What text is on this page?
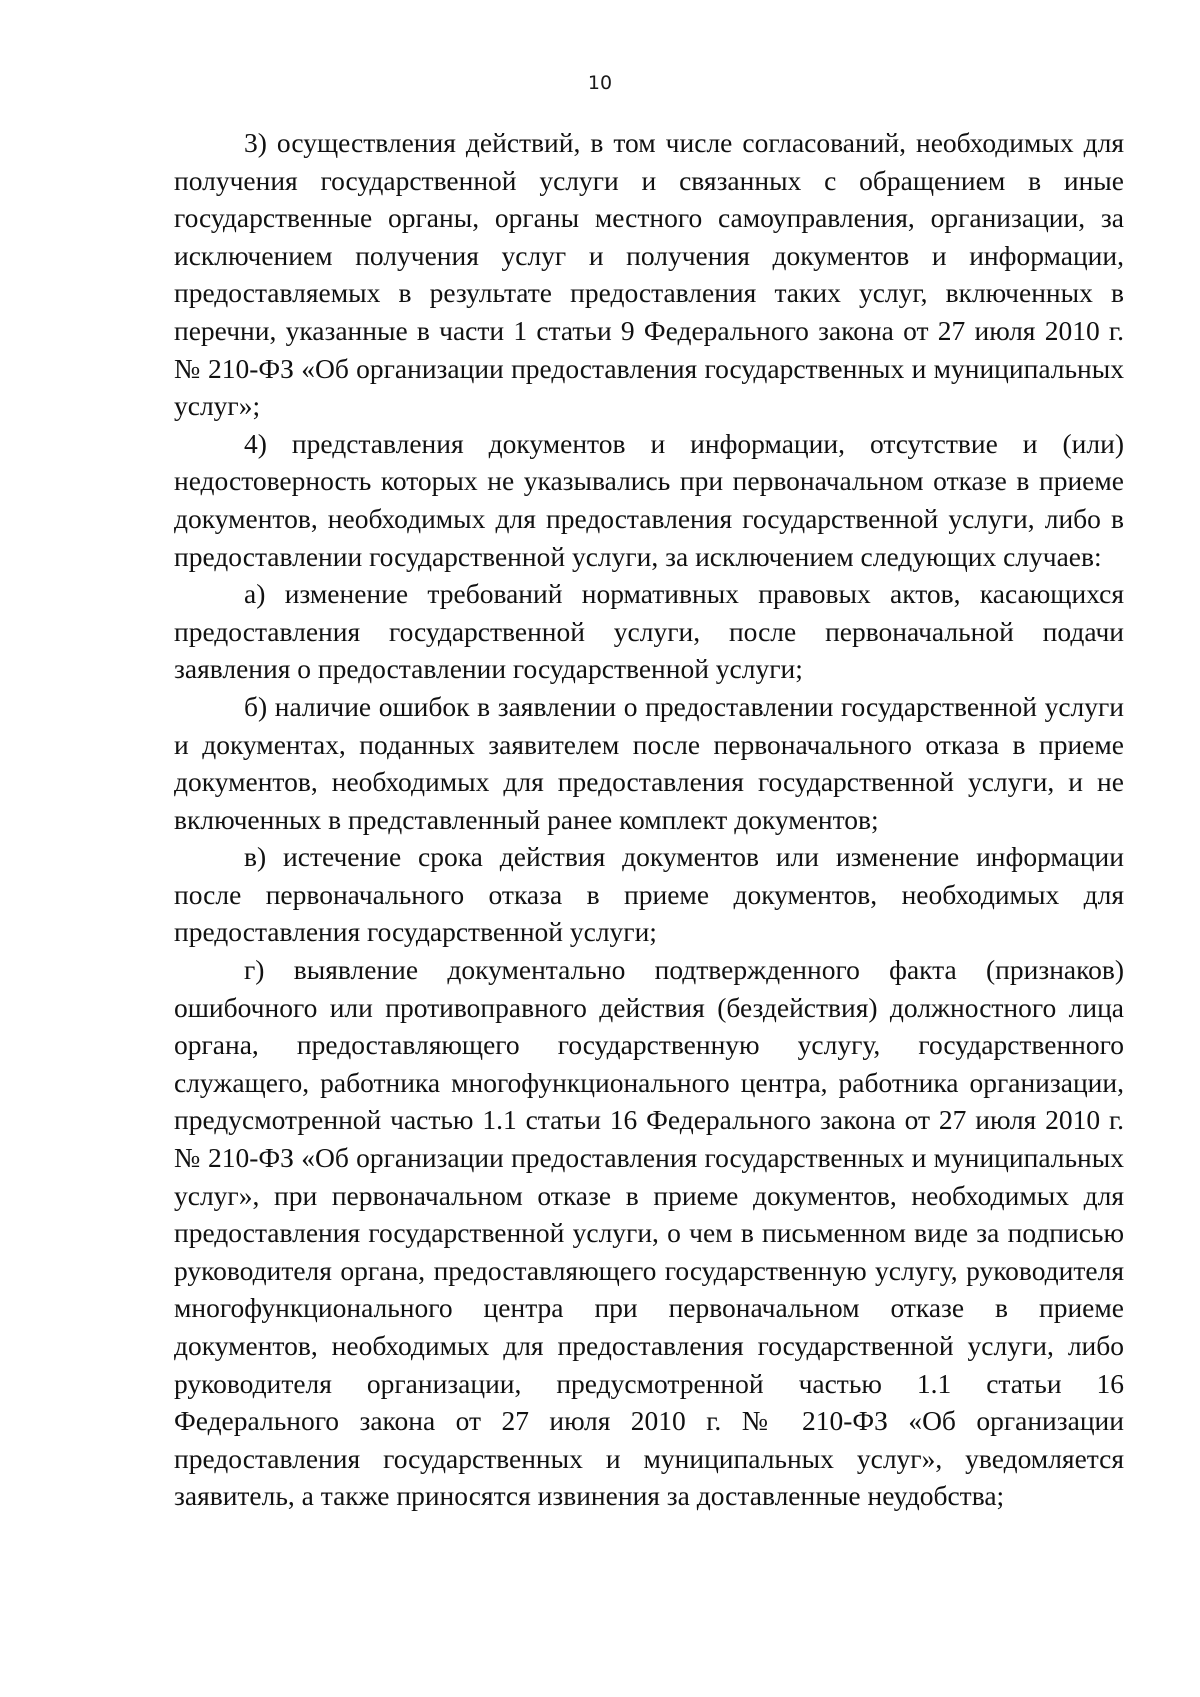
10

3) осуществления действий, в том числе согласований, необходимых для получения государственной услуги и связанных с обращением в иные государственные органы, органы местного самоуправления, организации, за исключением получения услуг и получения документов и информации, предоставляемых в результате предоставления таких услуг, включенных в перечни, указанные в части 1 статьи 9 Федерального закона от 27 июля 2010 г. № 210-ФЗ «Об организации предоставления государственных и муниципальных услуг»;

4) представления документов и информации, отсутствие и (или) недостоверность которых не указывались при первоначальном отказе в приеме документов, необходимых для предоставления государственной услуги, либо в предоставлении государственной услуги, за исключением следующих случаев:

а) изменение требований нормативных правовых актов, касающихся предоставления государственной услуги, после первоначальной подачи заявления о предоставлении государственной услуги;

б) наличие ошибок в заявлении о предоставлении государственной услуги и документах, поданных заявителем после первоначального отказа в приеме документов, необходимых для предоставления государственной услуги, и не включенных в представленный ранее комплект документов;

в) истечение срока действия документов или изменение информации после первоначального отказа в приеме документов, необходимых для предоставления государственной услуги;

г) выявление документально подтвержденного факта (признаков) ошибочного или противоправного действия (бездействия) должностного лица органа, предоставляющего государственную услугу, государственного служащего, работника многофункционального центра, работника организации, предусмотренной частью 1.1 статьи 16 Федерального закона от 27 июля 2010 г. № 210-ФЗ «Об организации предоставления государственных и муниципальных услуг», при первоначальном отказе в приеме документов, необходимых для предоставления государственной услуги, о чем в письменном виде за подписью руководителя органа, предоставляющего государственную услугу, руководителя многофункционального центра при первоначальном отказе в приеме документов, необходимых для предоставления государственной услуги, либо руководителя организации, предусмотренной частью 1.1 статьи 16 Федерального закона от 27 июля 2010 г. № 210-ФЗ «Об организации предоставления государственных и муниципальных услуг», уведомляется заявитель, а также приносятся извинения за доставленные неудобства;
